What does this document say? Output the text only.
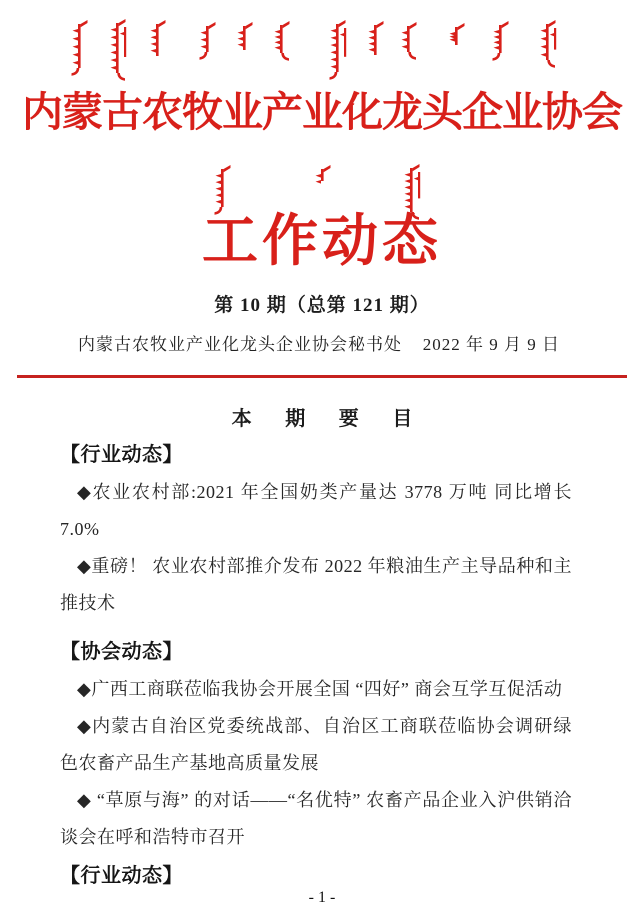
内蒙古农牧业产业化龙头企业协会
工作动态
第 10 期（总第 121 期）
内蒙古农牧业产业化龙头企业协会秘书处 2022 年 9 月 9 日
本 期 要 目
【行业动态】

◆农业农村部:2021 年全国奶类产量达 3778 万吨 同比增长 7.0%

◆重磅！ 农业农村部推介发布 2022 年粮油生产主导品种和主推技术

【协会动态】

◆广西工商联莅临我协会开展全国 “四好” 商会互学互促活动

◆内蒙古自治区党委统战部、自治区工商联莅临协会调研绿色农畜产品生产基地高质量发展

◆ “草原与海” 的对话——“名优特” 农畜产品企业入沪供销洽谈会在呼和浩特市召开

【行业动态】
- 1 -
